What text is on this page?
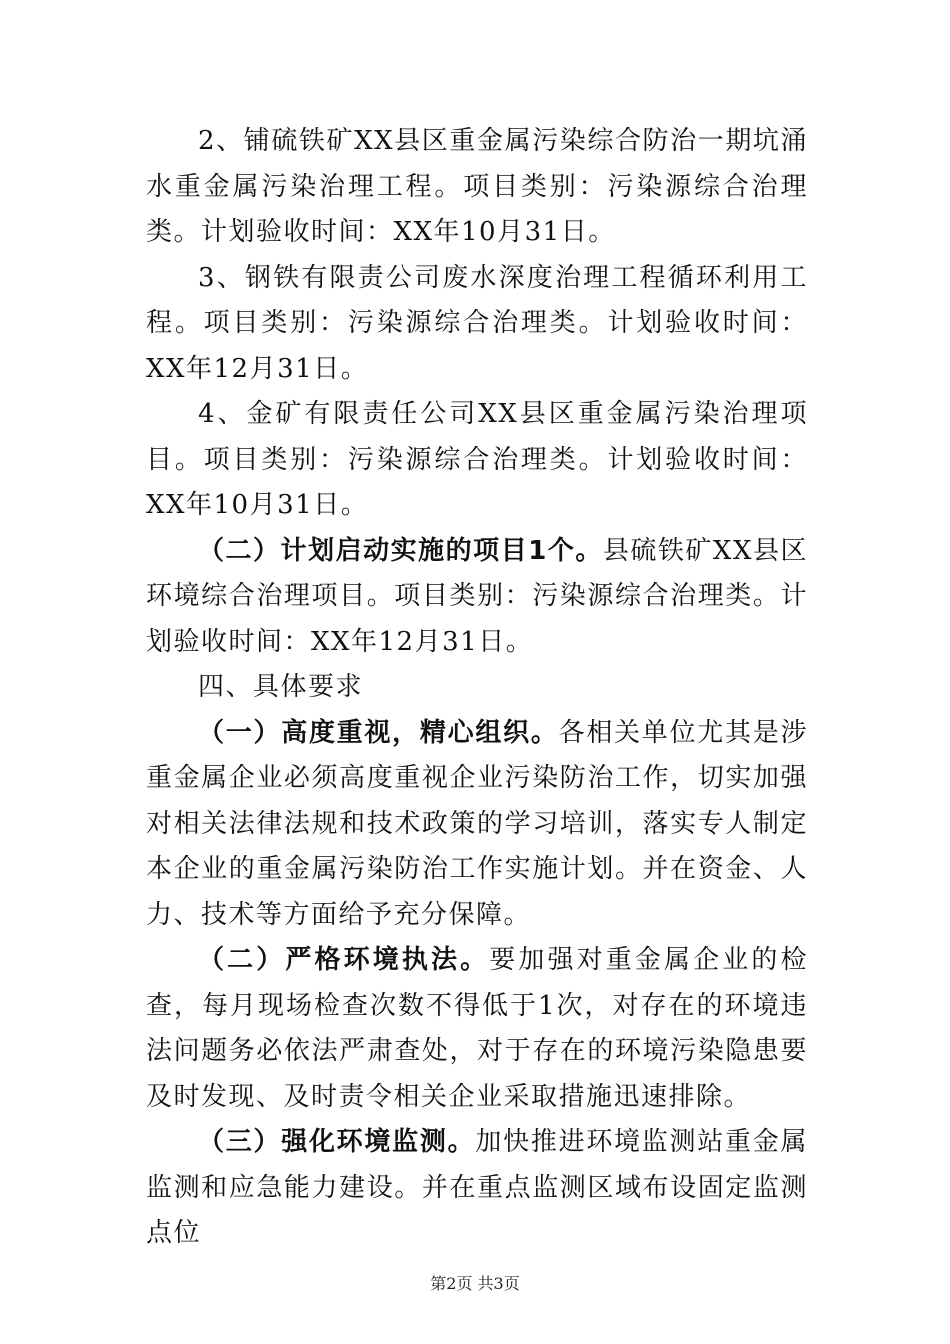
2、铺硫铁矿XX县区重金属污染综合防治一期坑涌水重金属污染治理工程。项目类别：污染源综合治理类。计划验收时间：XX年10月31日。

3、钢铁有限责公司废水深度治理工程循环利用工程。项目类别：污染源综合治理类。计划验收时间：XX年12月31日。

4、金矿有限责任公司XX县区重金属污染治理项目。项目类别：污染源综合治理类。计划验收时间：XX年10月31日。

（二）计划启动实施的项目1个。县硫铁矿XX县区环境综合治理项目。项目类别：污染源综合治理类。计划验收时间：XX年12月31日。

四、具体要求

（一）高度重视，精心组织。各相关单位尤其是涉重金属企业必须高度重视企业污染防治工作，切实加强对相关法律法规和技术政策的学习培训，落实专人制定本企业的重金属污染防治工作实施计划。并在资金、人力、技术等方面给予充分保障。

（二）严格环境执法。要加强对重金属企业的检查，每月现场检查次数不得低于1次，对存在的环境违法问题务必依法严肃查处，对于存在的环境污染隐患要及时发现、及时责令相关企业采取措施迅速排除。

（三）强化环境监测。加快推进环境监测站重金属监测和应急能力建设。并在重点监测区域布设固定监测点位

第2页 共3页
